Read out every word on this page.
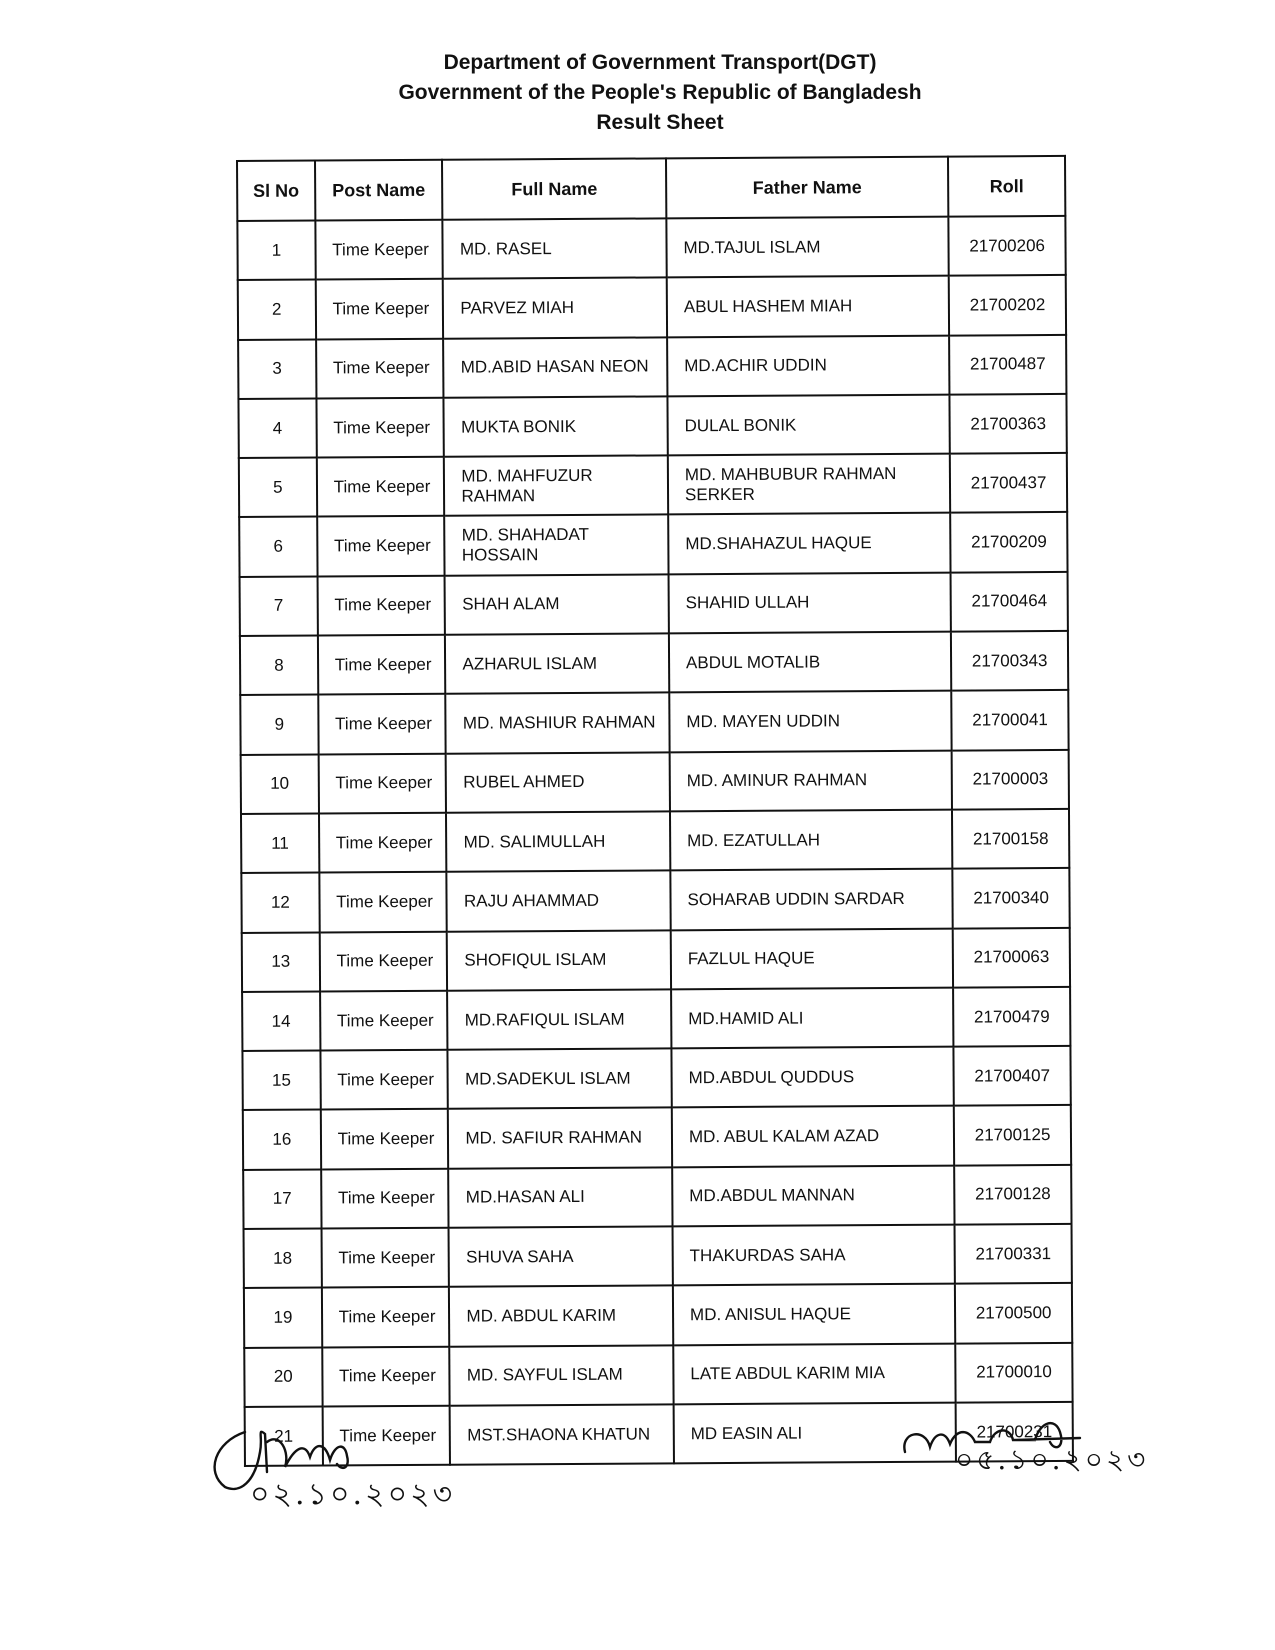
Department of Government Transport(DGT)
Government of the People's Republic of Bangladesh
Result Sheet
Sl No	Post Name	Full Name	Father Name	Roll
1	Time Keeper	MD. RASEL	MD.TAJUL ISLAM	21700206
2	Time Keeper	PARVEZ MIAH	ABUL HASHEM MIAH	21700202
3	Time Keeper	MD.ABID HASAN NEON	MD.ACHIR UDDIN	21700487
4	Time Keeper	MUKTA BONIK	DULAL BONIK	21700363
5	Time Keeper	MD. MAHFUZUR RAHMAN	MD. MAHBUBUR RAHMAN SERKER	21700437
6	Time Keeper	MD. SHAHADAT HOSSAIN	MD.SHAHAZUL HAQUE	21700209
7	Time Keeper	SHAH ALAM	SHAHID ULLAH	21700464
8	Time Keeper	AZHARUL ISLAM	ABDUL MOTALIB	21700343
9	Time Keeper	MD. MASHIUR RAHMAN	MD. MAYEN UDDIN	21700041
10	Time Keeper	RUBEL AHMED	MD. AMINUR RAHMAN	21700003
11	Time Keeper	MD. SALIMULLAH	MD. EZATULLAH	21700158
12	Time Keeper	RAJU AHAMMAD	SOHARAB UDDIN SARDAR	21700340
13	Time Keeper	SHOFIQUL ISLAM	FAZLUL HAQUE	21700063
14	Time Keeper	MD.RAFIQUL ISLAM	MD.HAMID ALI	21700479
15	Time Keeper	MD.SADEKUL ISLAM	MD.ABDUL QUDDUS	21700407
16	Time Keeper	MD. SAFIUR RAHMAN	MD. ABUL KALAM AZAD	21700125
17	Time Keeper	MD.HASAN ALI	MD.ABDUL MANNAN	21700128
18	Time Keeper	SHUVA SAHA	THAKURDAS SAHA	21700331
19	Time Keeper	MD. ABDUL KARIM	MD. ANISUL HAQUE	21700500
20	Time Keeper	MD. SAYFUL ISLAM	LATE ABDUL KARIM MIA	21700010
21	Time Keeper	MST.SHAONA KHATUN	MD EASIN ALI	21700231
০২.১০.২০২৩
০৫.১০.২০২৩
